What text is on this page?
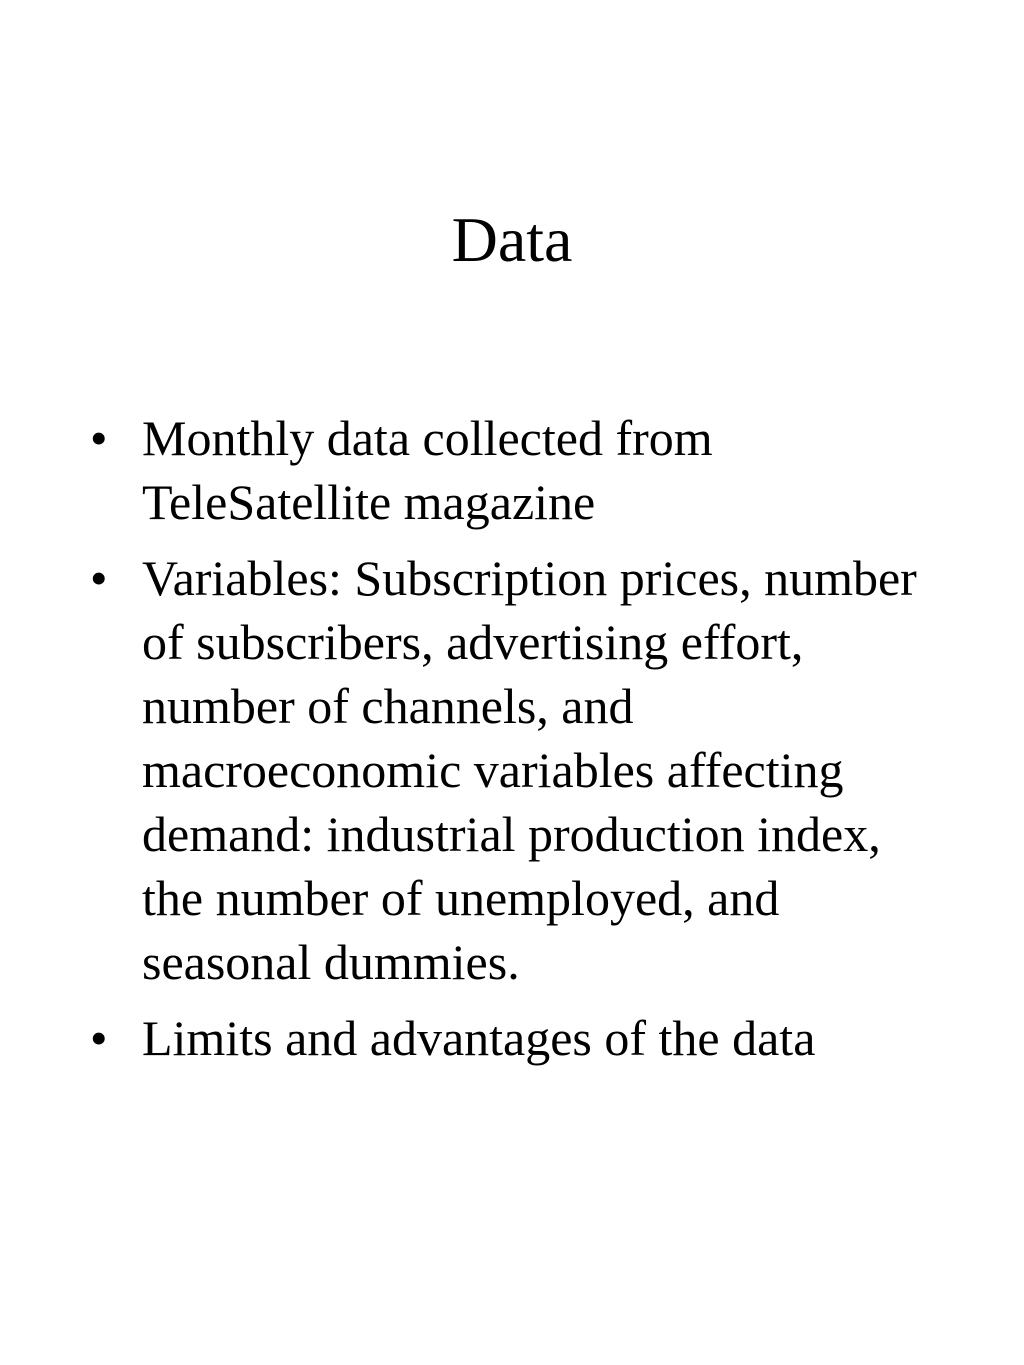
Data
• Monthly data collected from TeleSatellite magazine
• Variables: Subscription prices, number of subscribers, advertising effort, number of channels, and macroeconomic variables affecting demand: industrial production index, the number of unemployed, and seasonal dummies.
• Limits and advantages of the data
